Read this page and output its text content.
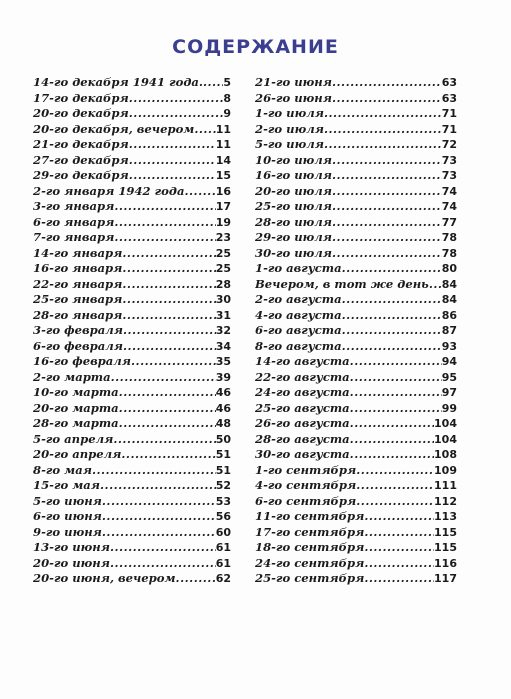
СОДЕРЖАНИЕ
14-го декабря 1941 года. ..... 5
17-го декабря .....	8
20-го декабря .....	9
20-го декабря, вечером ..... 11
21-го декабря .....	11
27-го декабря .....	14
29-го декабря .....	15
2-го января 1942 года .....	16
3-го января .....	17
6-го января .....	19
7-го января .....	23
14-го января .....	25
16-го января .....	25
22-го января .....	28
25-го января .....	30
28-го января .....	31
3-го февраля .....	32
6-го февраля .....	34
16-го февраля .....	35
2-го марта .....	39
10-го марта .....	46
20-го марта .....	46
28-го марта .....	48
5-го апреля .....	50
20-го апреля .....	51
8-го мая .....	51
15-го мая .....	52
5-го июня .....	53
6-го июня .....	56
9-го июня .....	60
13-го июня .....	61
20-го июня .....	61
20-го июня, вечером .....	62
21-го июня .....	63
26-го июня .....	63
1-го июля .....	71
2-го июля .....	71
5-го июля .....	72
10-го июля .....	73
16-го июля .....	73
20-го июля .....	74
25-го июля .....	74
28-го июля .....	77
29-го июля .....	78
30-го июля .....	78
1-го августа .....	80
Вечером, в тот же день ..... 84
2-го августа .....	84
4-го августа .....	86
6-го августа .....	87
8-го августа .....	93
14-го августа .....	94
22-го августа .....	95
24-го августа .....	97
25-го августа .....	99
26-го августа .....	104
28-го августа .....	104
30-го августа .....	108
1-го сентября .....	109
4-го сентября .....	111
6-го сентября .....	112
11-го сентября .....	113
17-го сентября .....	115
18-го сентября .....	115
24-го сентября .....	116
25-го сентября .....	117
